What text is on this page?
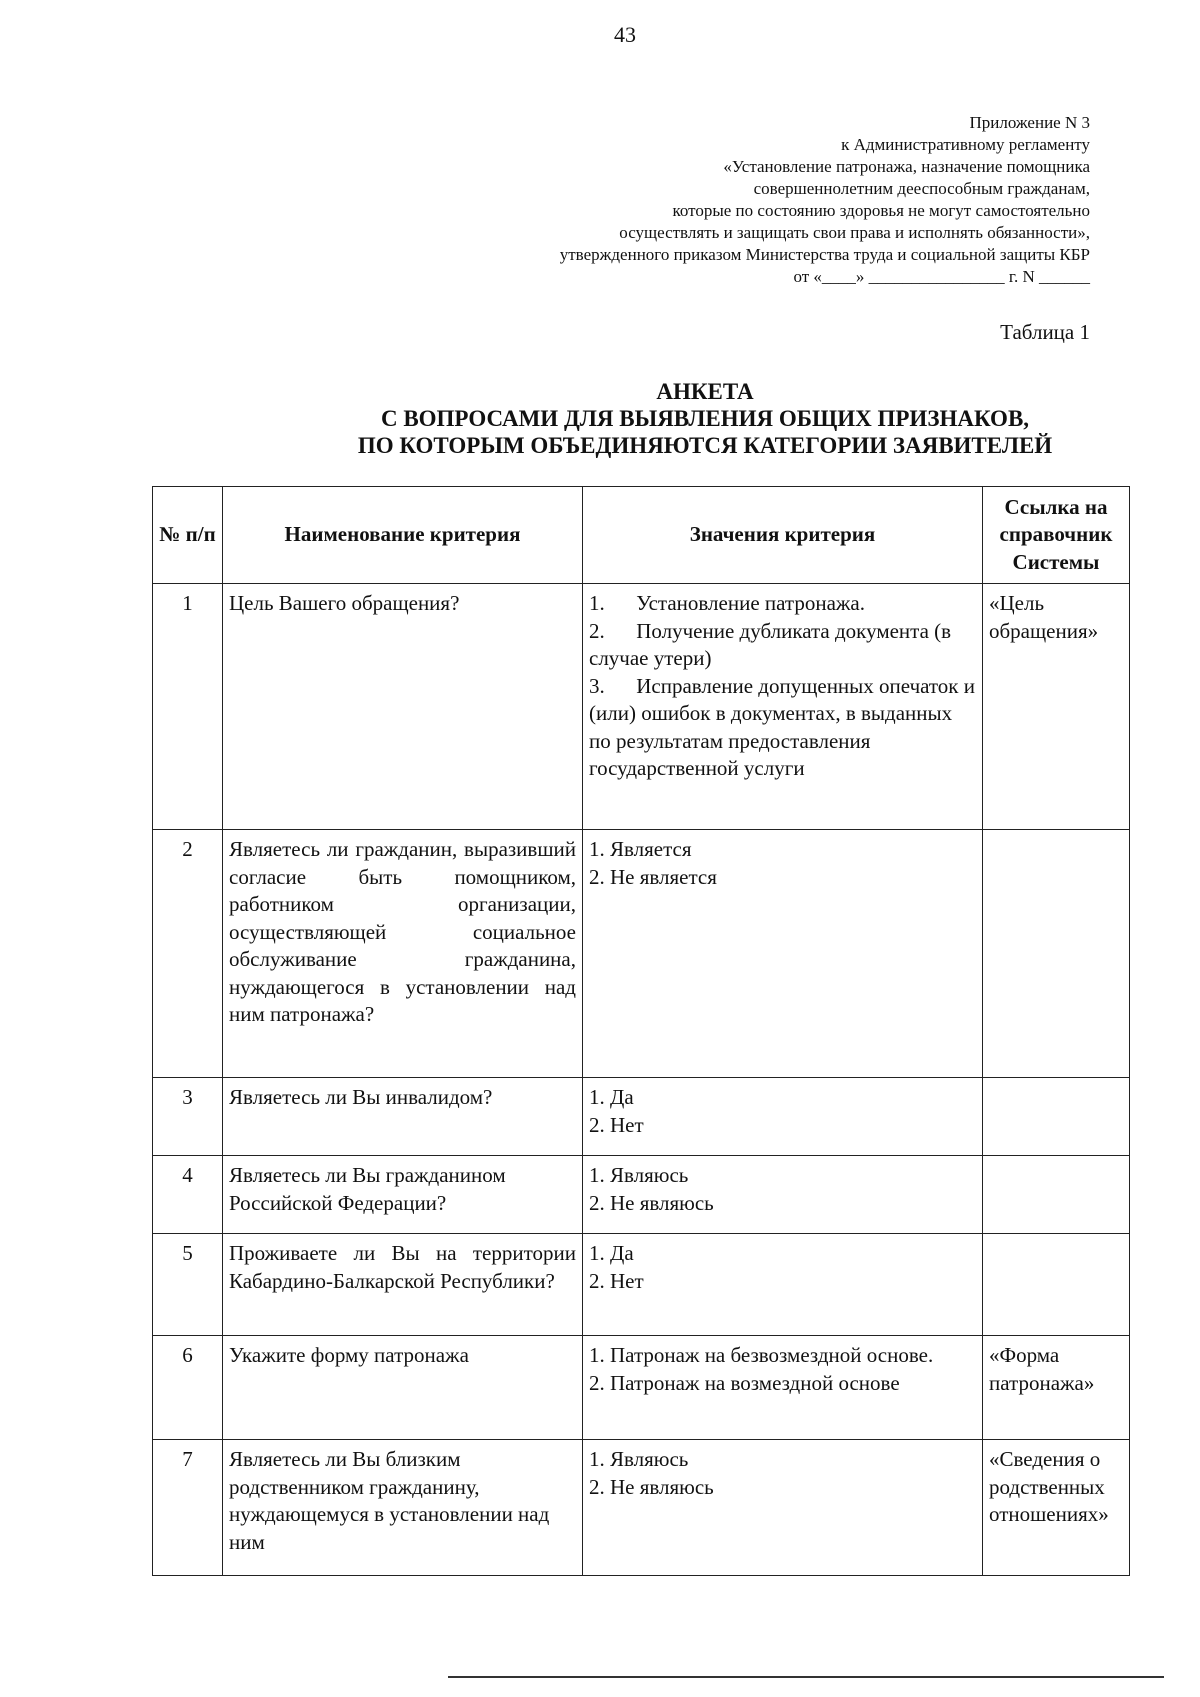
43
Приложение N 3
к Административному регламенту
«Установление патронажа, назначение помощника
совершеннолетним дееспособным гражданам,
которые по состоянию здоровья не могут самостоятельно
осуществлять и защищать свои права и исполнять обязанности»,
утвержденного приказом Министерства труда и социальной защиты КБР
от «____» ________________ г. N ______
Таблица 1
АНКЕТА
С ВОПРОСАМИ ДЛЯ ВЫЯВЛЕНИЯ ОБЩИХ ПРИЗНАКОВ,
ПО КОТОРЫМ ОБЪЕДИНЯЮТСЯ КАТЕГОРИИ ЗАЯВИТЕЛЕЙ
№ п/п	Наименование критерия	Значения критерия	Ссылка на справочник Системы
1	Цель Вашего обращения?	1.      Установление патронажа.
2.      Получение дубликата документа (в случае утери)
3.      Исправление допущенных опечаток и (или) ошибок в документах, в выданных по результатам предоставления государственной услуги	«Цель обращения»
2	Являетесь ли гражданин, выразивший согласие быть помощником, работником организации, осуществляющей социальное обслуживание гражданина, нуждающегося в установлении над ним патронажа?	1. Является
2. Не является	

3	Являетесь ли Вы инвалидом?	1. Да
2. Нет	

4	Являетесь ли Вы гражданином Российской Федерации?	1. Являюсь
2. Не являюсь	

5	Проживаете ли Вы на территории Кабардино-Балкарской Республики?	1. Да
2. Нет	

6	Укажите форму патронажа	1. Патронаж на безвозмездной основе.
2. Патронаж на возмездной основе	«Форма патронажа»
7	Являетесь ли Вы близким родственником гражданину, нуждающемуся в установлении над ним	1. Являюсь
2. Не являюсь	«Сведения о родственных отношениях»
